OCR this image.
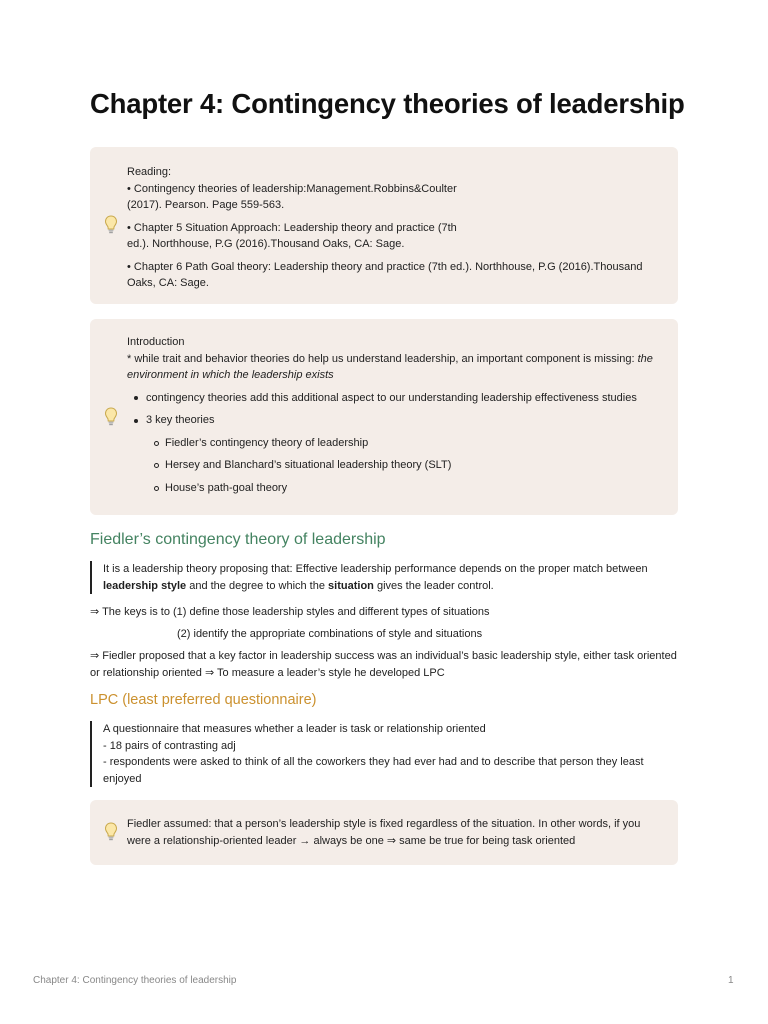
Chapter 4: Contingency theories of leadership

Reading:

• Contingency theories of leadership:Management.Robbins&Coulter (2017). Pearson. Page 559-563.

• Chapter 5 Situation Approach: Leadership theory and practice (7th ed.). Northhouse, P.G (2016).Thousand Oaks, CA: Sage.

• Chapter 6 Path Goal theory: Leadership theory and practice (7th ed.). Northhouse, P.G (2016).Thousand Oaks, CA: Sage.

Introduction

* while trait and behavior theories do help us understand leadership, an important component is missing: the environment in which the leadership exists

contingency theories add this additional aspect to our understanding leadership effectiveness studies
3 key theories
Fiedler’s contingency theory of leadership
Hersey and Blanchard’s situational leadership theory (SLT)
House’s path-goal theory
Fiedler’s contingency theory of leadership

It is a leadership theory proposing that: Effective leadership performance depends on the proper match between leadership style and the degree to which the situation gives the leader control.

⇒ The keys is to (1) define those leadership styles and different types of situations

(2) identify the appropriate combinations of style and situations

⇒ Fiedler proposed that a key factor in leadership success was an individual’s basic leadership style, either task oriented or relationship oriented ⇒ To measure a leader’s style he developed LPC

LPC (least preferred questionnaire)

A questionnaire that measures whether a leader is task or relationship oriented

- 18 pairs of contrasting adj

- respondents were asked to think of all the coworkers they had ever had and to describe that person they least enjoyed

Fiedler assumed: that a person’s leadership style is fixed regardless of the situation. In other words, if you were a relationship-oriented leader → always be one ⇒ same be true for being task oriented

Chapter 4: Contingency theories of leadership	1
